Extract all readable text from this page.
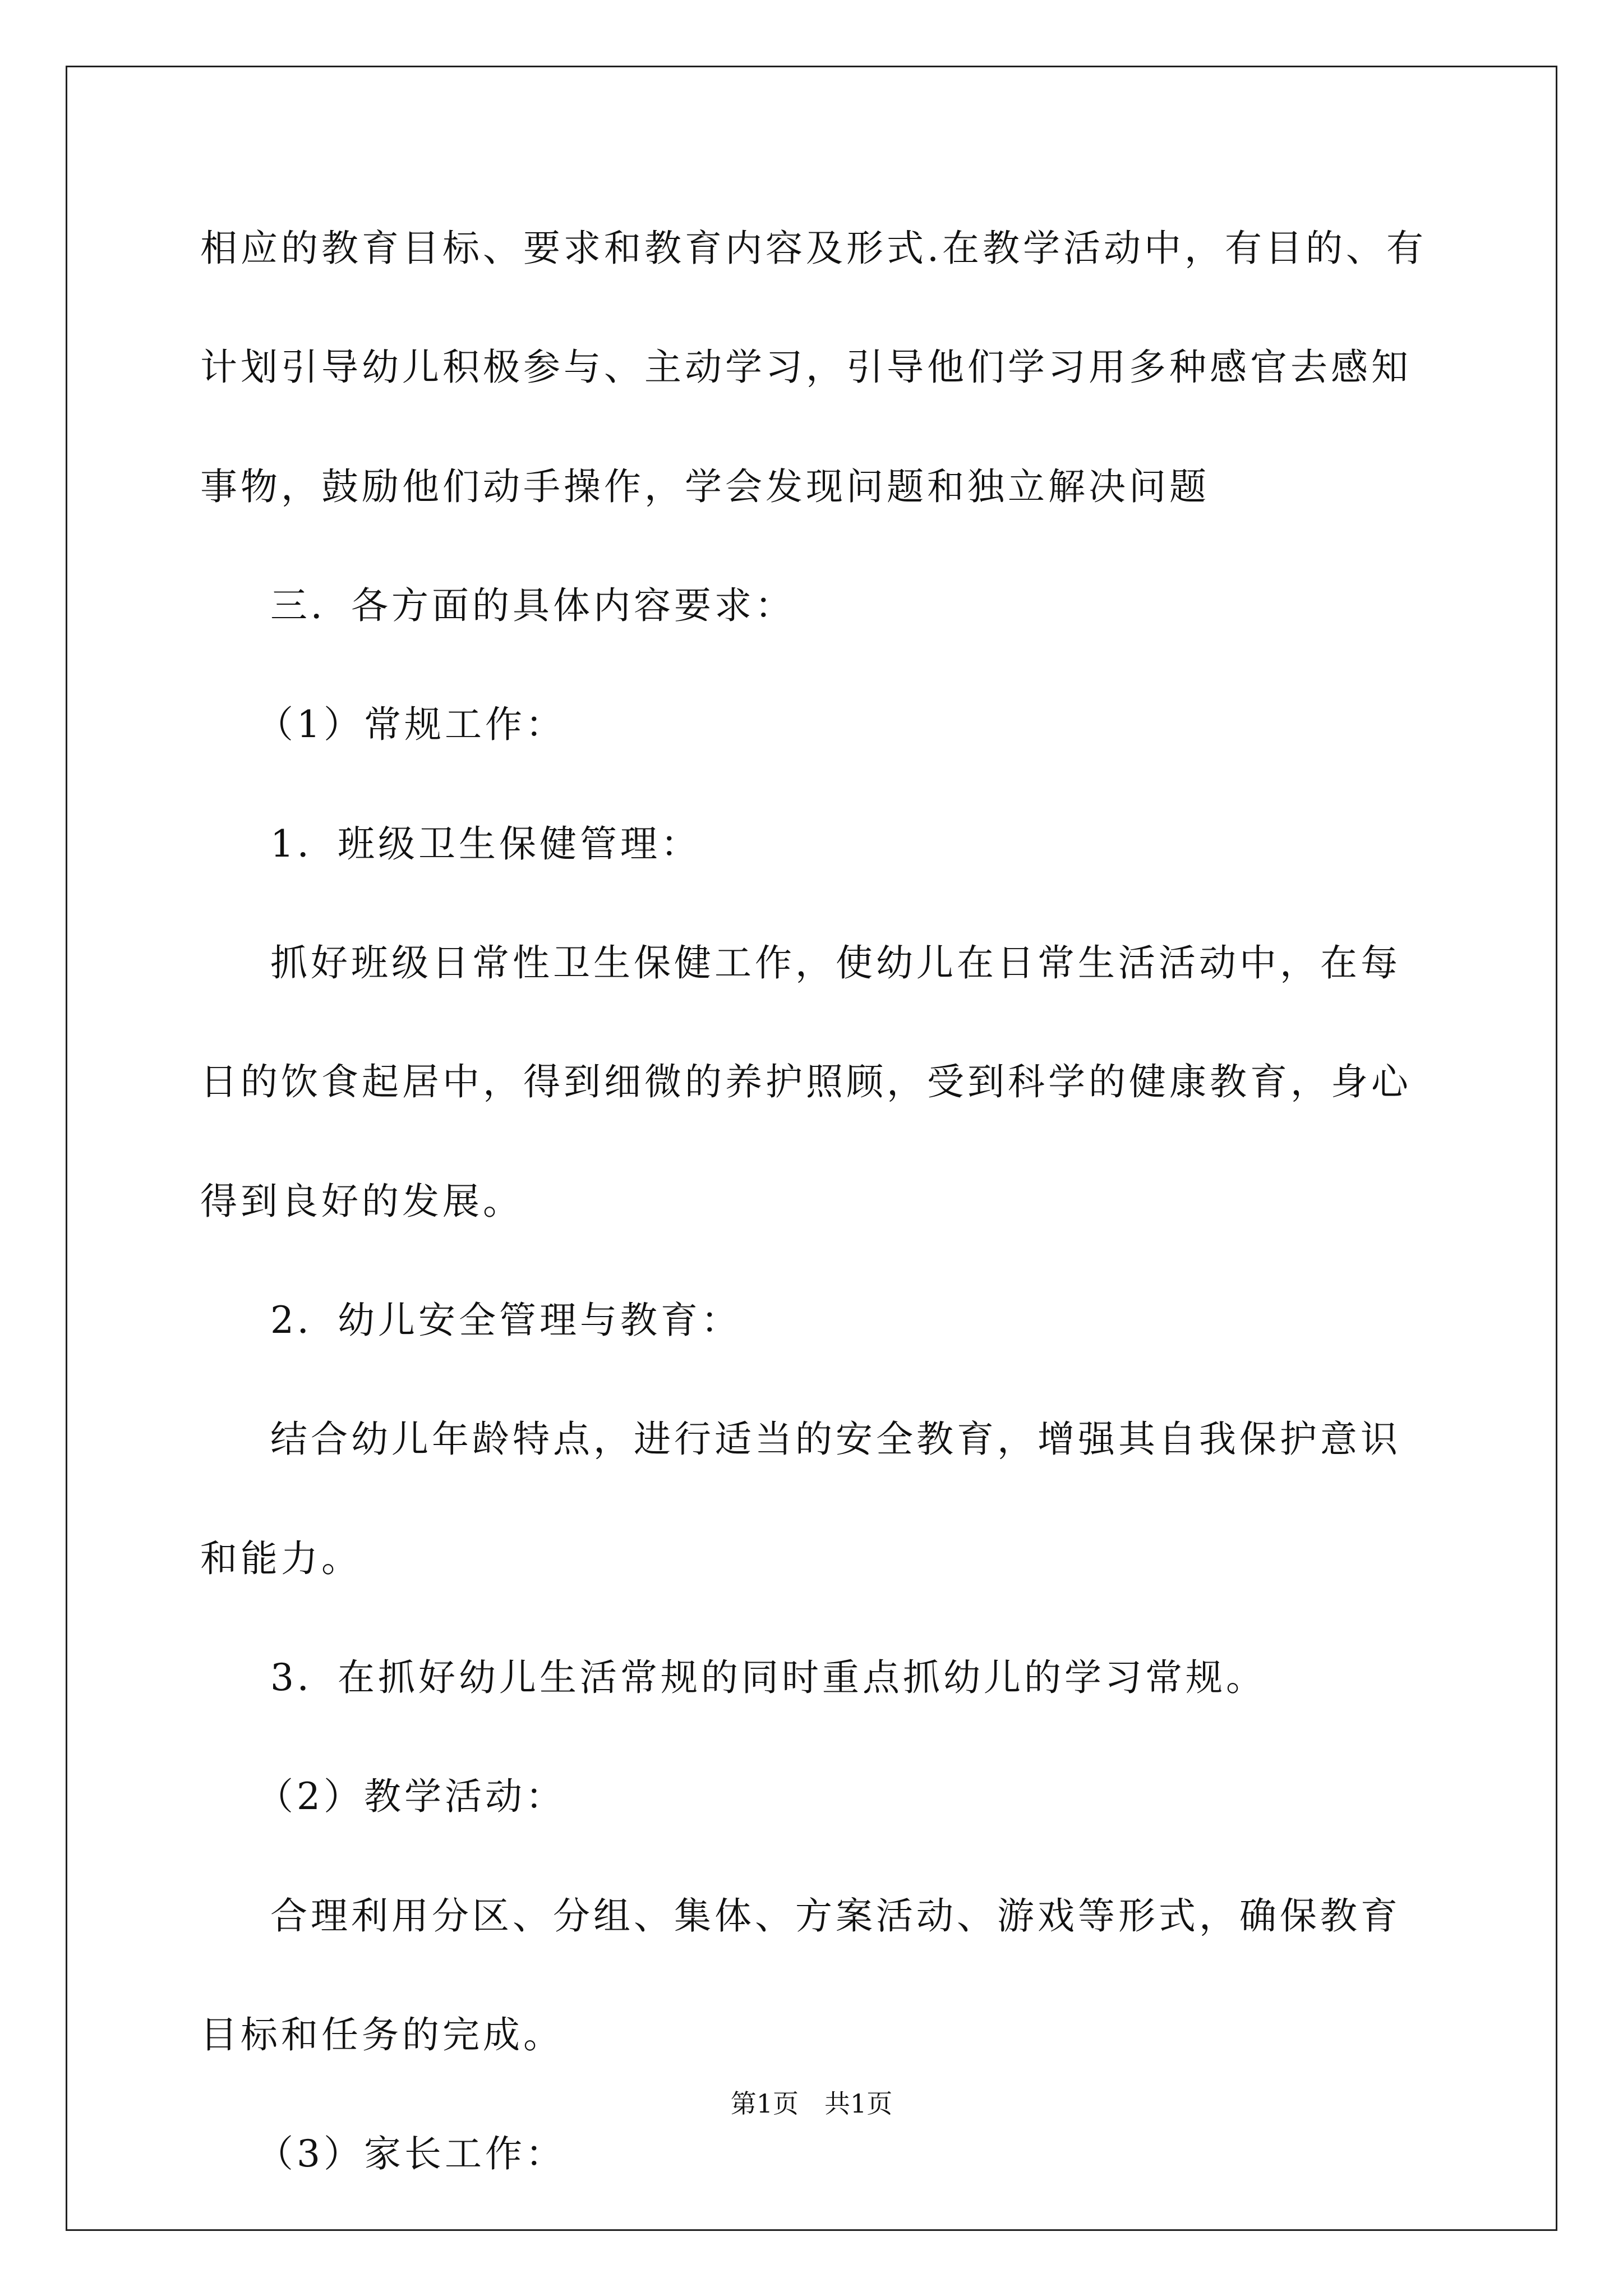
相应的教育目标、要求和教育内容及形式.在教学活动中，有目的、有
计划引导幼儿积极参与、主动学习，引导他们学习用多种感官去感知
事物，鼓励他们动手操作，学会发现问题和独立解决问题
三．各方面的具体内容要求：
（1）常规工作：
1．班级卫生保健管理：
抓好班级日常性卫生保健工作，使幼儿在日常生活活动中，在每
日的饮食起居中，得到细微的养护照顾，受到科学的健康教育，身心
得到良好的发展。
2．幼儿安全管理与教育：
结合幼儿年龄特点，进行适当的安全教育，增强其自我保护意识
和能力。
3．在抓好幼儿生活常规的同时重点抓幼儿的学习常规。
（2）教学活动：
合理利用分区、分组、集体、方案活动、游戏等形式，确保教育
目标和任务的完成。
（3）家长工作：
第1页　共1页
